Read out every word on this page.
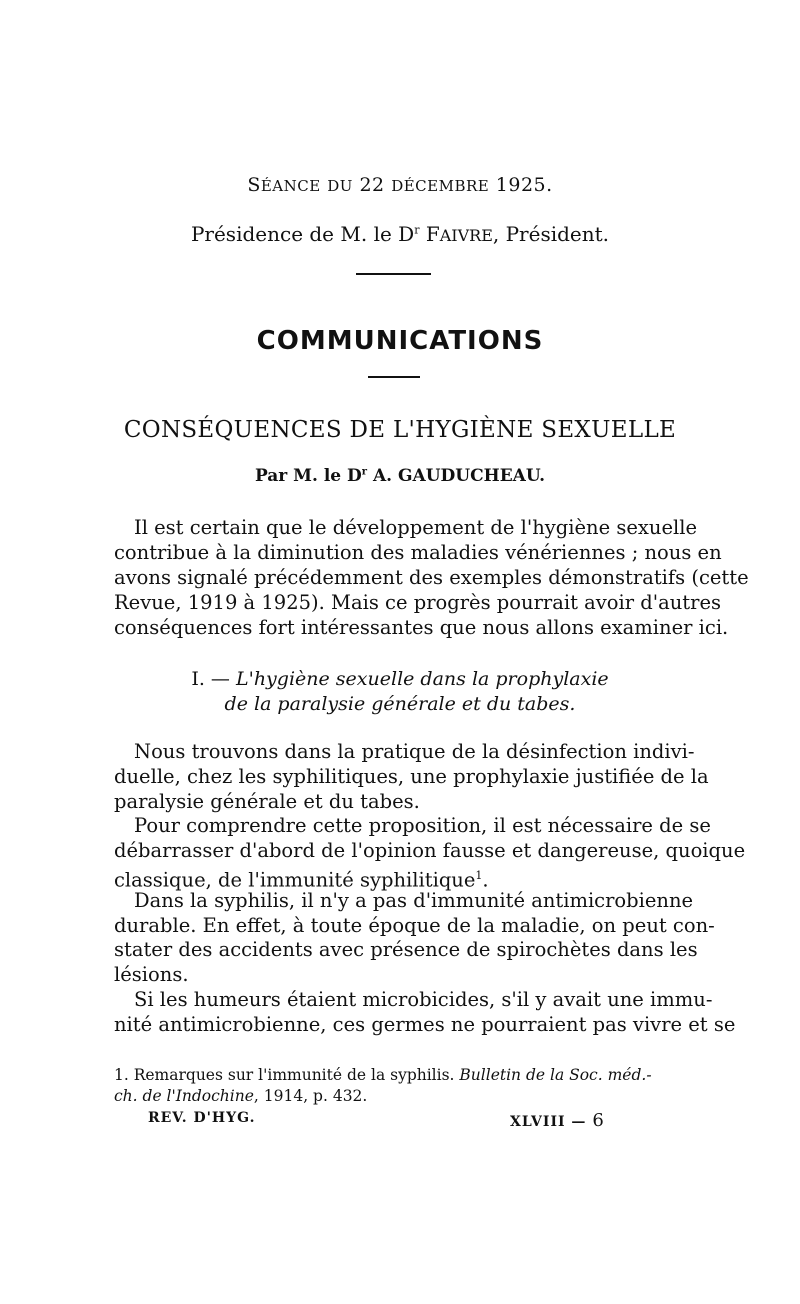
SÉANCE DU 22 DÉCEMBRE 1925.
Présidence de M. le $D^r$ FAIVRE, Président.
COMMUNICATIONS
CONSÉQUENCES DE L'HYGIÈNE SEXUELLE
Par M. le $D^r$ A. GAUDUCHEAU.
Il est certain que le développement de l'hygiène sexuelle
contribue à la diminution des maladies vénériennes ; nous en
avons signalé précédemment des exemples démonstratifs (cette
Revue, 1919 à 1925). Mais ce progrès pourrait avoir d'autres
conséquences fort intéressantes que nous allons examiner ici.
I. — L'hygiène sexuelle dans la prophylaxie
de la paralysie générale et du tabes.
Nous trouvons dans la pratique de la désinfection indivi-
duelle, chez les syphilitiques, une prophylaxie justifiée de la
paralysie générale et du tabes.
Pour comprendre cette proposition, il est nécessaire de se
débarrasser d'abord de l'opinion fausse et dangereuse, quoique
classique, de l'immunité syphilitique$^1$.
Dans la syphilis, il n'y a pas d'immunité antimicrobienne
durable. En effet, à toute époque de la maladie, on peut con-
stater des accidents avec présence de spirochètes dans les
lésions.
Si les humeurs étaient microbicides, s'il y avait une immu-
nité antimicrobienne, ces germes ne pourraient pas vivre et se
1. Remarques sur l'immunité de la syphilis. Bulletin de la Soc. méd.-
ch. de l'Indochine, 1914, p. 432.
REV. D'HYG.	XLVIII — 6
